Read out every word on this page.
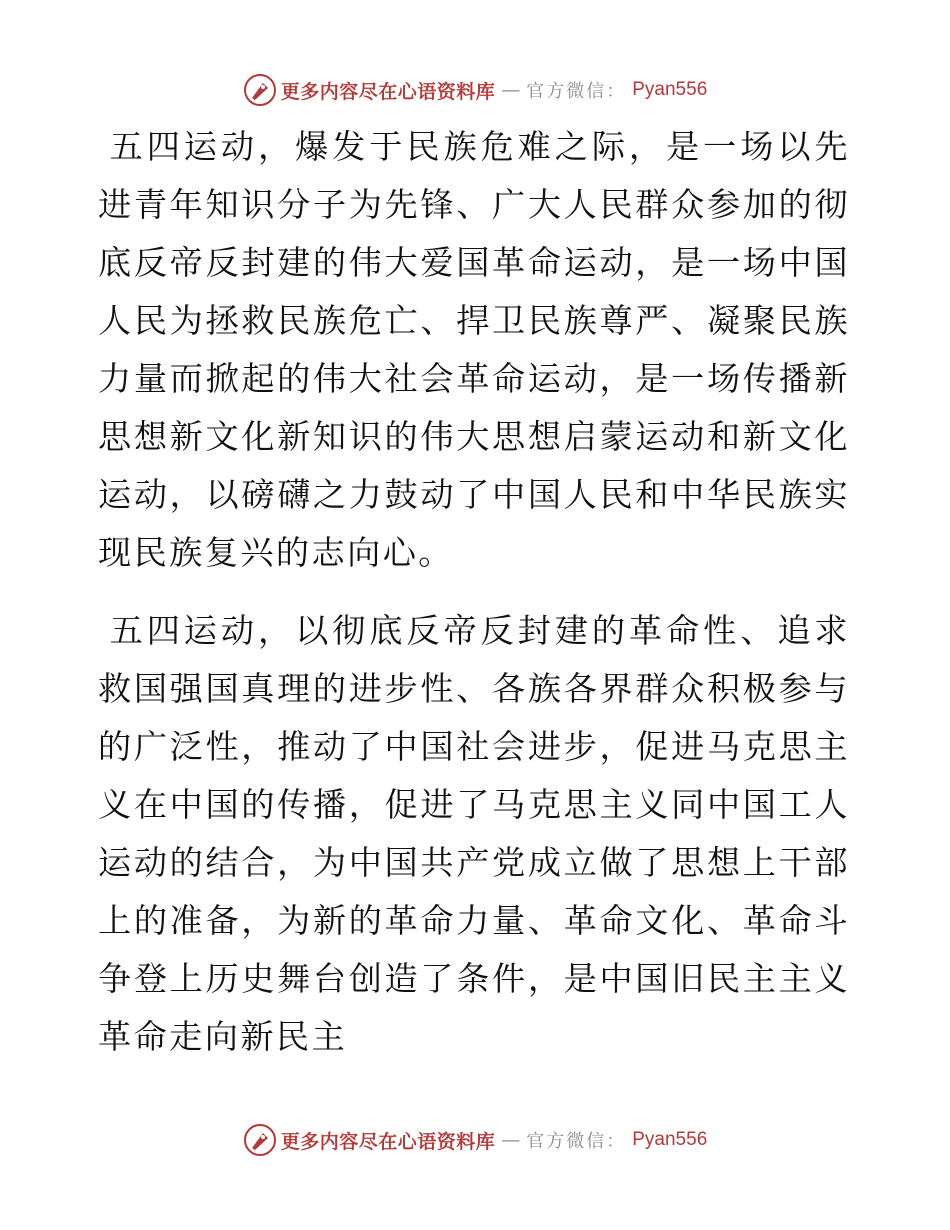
更多内容尽在心语资料库 — 官方微信： Pyan556

五四运动，爆发于民族危难之际，是一场以先进青年知识分子为先锋、广大人民群众参加的彻底反帝反封建的伟大爱国革命运动，是一场中国人民为拯救民族危亡、捍卫民族尊严、凝聚民族力量而掀起的伟大社会革命运动，是一场传播新思想新文化新知识的伟大思想启蒙运动和新文化运动，以磅礴之力鼓动了中国人民和中华民族实现民族复兴的志向心。

五四运动，以彻底反帝反封建的革命性、追求救国强国真理的进步性、各族各界群众积极参与的广泛性，推动了中国社会进步，促进马克思主义在中国的传播，促进了马克思主义同中国工人运动的结合，为中国共产党成立做了思想上干部上的准备，为新的革命力量、革命文化、革命斗争登上历史舞台创造了条件，是中国旧民主主义革命走向新民主

更多内容尽在心语资料库 — 官方微信： Pyan556
